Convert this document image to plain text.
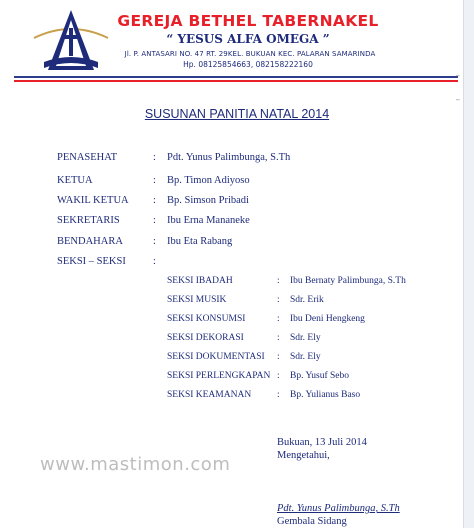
GEREJA BETHEL TABERNAKEL
“ YESUS ALFA OMEGA ”
Jl. P. ANTASARI NO. 47 RT. 29KEL. BUKUAN KEC. PALARAN SAMARINDA
Hp. 08125854663, 082158222160
SUSUNAN PANITIA NATAL 2014
PENASEHAT	: Pdt. Yunus Palimbunga, S.Th
KETUA	: Bp. Timon Adiyoso
WAKIL KETUA : Bp. Simson Pribadi
SEKRETARIS	: Ibu Erna Mananeke
BENDAHARA	: Ibu Eta Rabang
SEKSI – SEKSI	:
SEKSI IBADAH	: Ibu Bernaty Palimbunga, S.Th
SEKSI MUSIK	: Sdr. Erik
SEKSI KONSUMSI	: Ibu Deni Hengkeng
SEKSI DEKORASI	: Sdr. Ely
SEKSI DOKUMENTASI : Sdr. Ely
SEKSI PERLENGKAPAN : Bp. Yusuf Sebo
SEKSI KEAMANAN	: Bp. Yulianus Baso
Bukuan, 13 Juli 2014
Mengetahui,
www.mastimon.com
Pdt. Yunus Palimbunga, S.Th
Gembala Sidang
–
–
